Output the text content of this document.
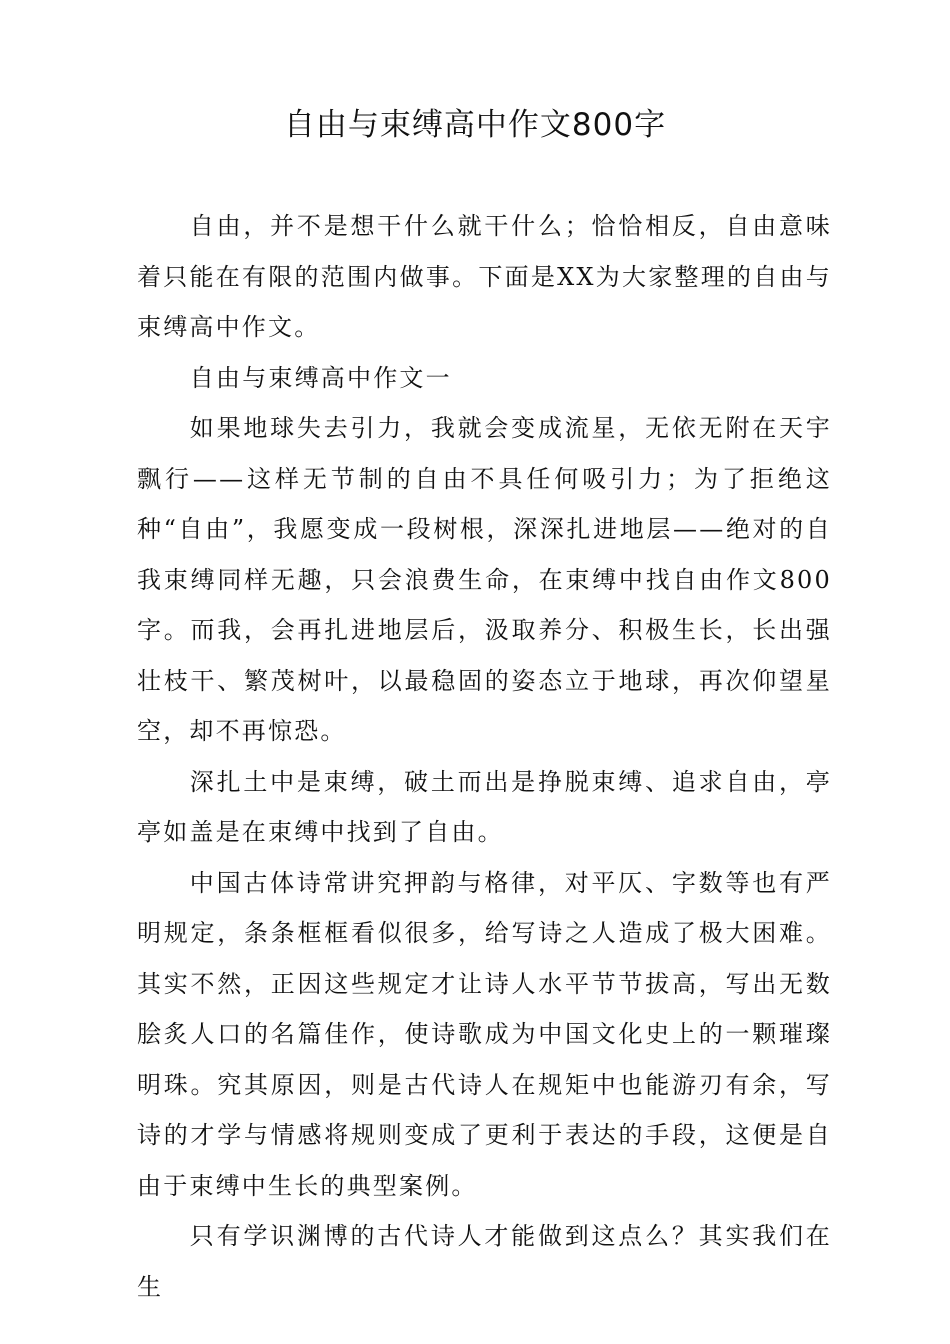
自由与束缚高中作文800字

自由，并不是想干什么就干什么；恰恰相反，自由意味着只能在有限的范围内做事。下面是XX为大家整理的自由与束缚高中作文。

自由与束缚高中作文一

如果地球失去引力，我就会变成流星，无依无附在天宇飘行——这样无节制的自由不具任何吸引力；为了拒绝这种“自由”，我愿变成一段树根，深深扎进地层——绝对的自我束缚同样无趣，只会浪费生命，在束缚中找自由作文800字。而我，会再扎进地层后，汲取养分、积极生长，长出强壮枝干、繁茂树叶，以最稳固的姿态立于地球，再次仰望星空，却不再惊恐。

深扎土中是束缚，破土而出是挣脱束缚、追求自由，亭亭如盖是在束缚中找到了自由。

中国古体诗常讲究押韵与格律，对平仄、字数等也有严明规定，条条框框看似很多，给写诗之人造成了极大困难。其实不然，正因这些规定才让诗人水平节节拔高，写出无数脍炙人口的名篇佳作，使诗歌成为中国文化史上的一颗璀璨明珠。究其原因，则是古代诗人在规矩中也能游刃有余，写诗的才学与情感将规则变成了更利于表达的手段，这便是自由于束缚中生长的典型案例。

只有学识渊博的古代诗人才能做到这点么？其实我们在生
